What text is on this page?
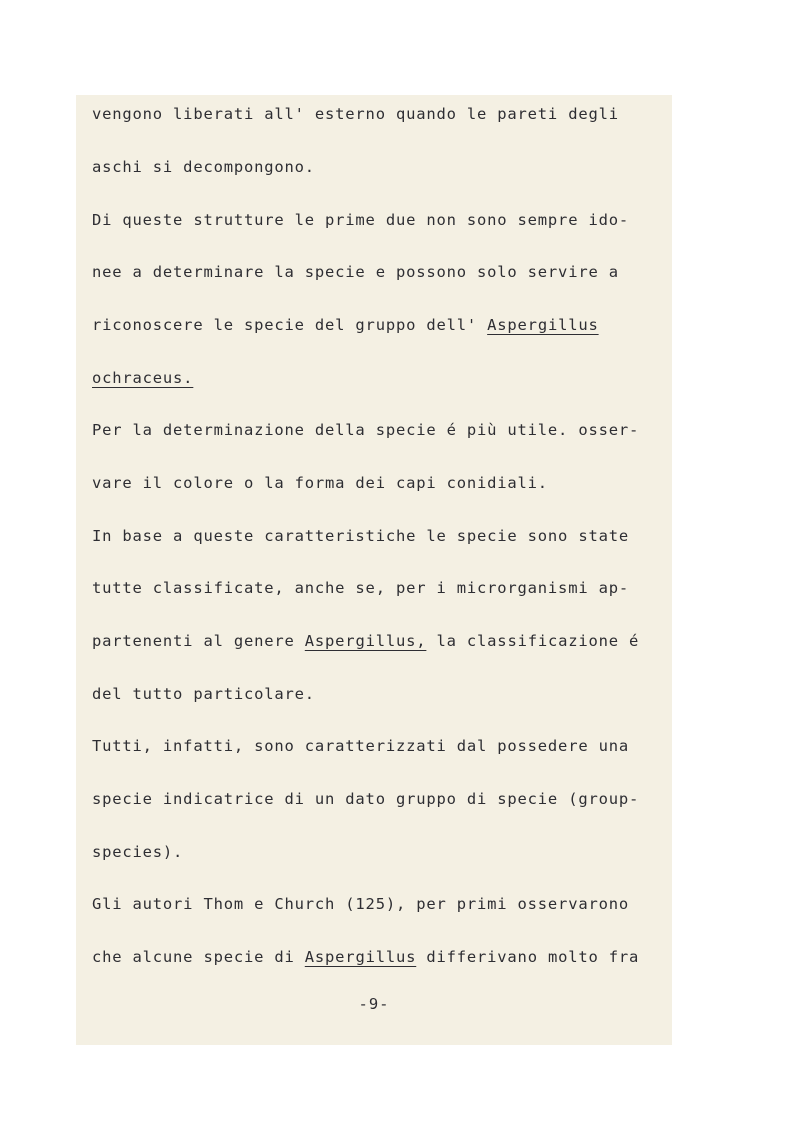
vengono liberati all' esterno quando le pareti degli
aschi si decompongono.
Di queste strutture le prime due non sono sempre ido-
nee a determinare la specie e possono solo servire a
riconoscere le specie del gruppo dell' Aspergillus
ochraceus.
Per la determinazione della specie é più utile. osser-
vare il colore o la forma dei capi conidiali.
In base a queste caratteristiche le specie sono state
tutte classificate, anche se, per i microrganismi ap-
partenenti al genere Aspergillus, la classificazione é
del tutto particolare.
Tutti, infatti, sono caratterizzati dal possedere una
specie indicatrice di un dato gruppo di specie (group-
species).
Gli autori Thom e Church (125), per primi osservarono
che alcune specie di Aspergillus differivano molto fra
-9-
